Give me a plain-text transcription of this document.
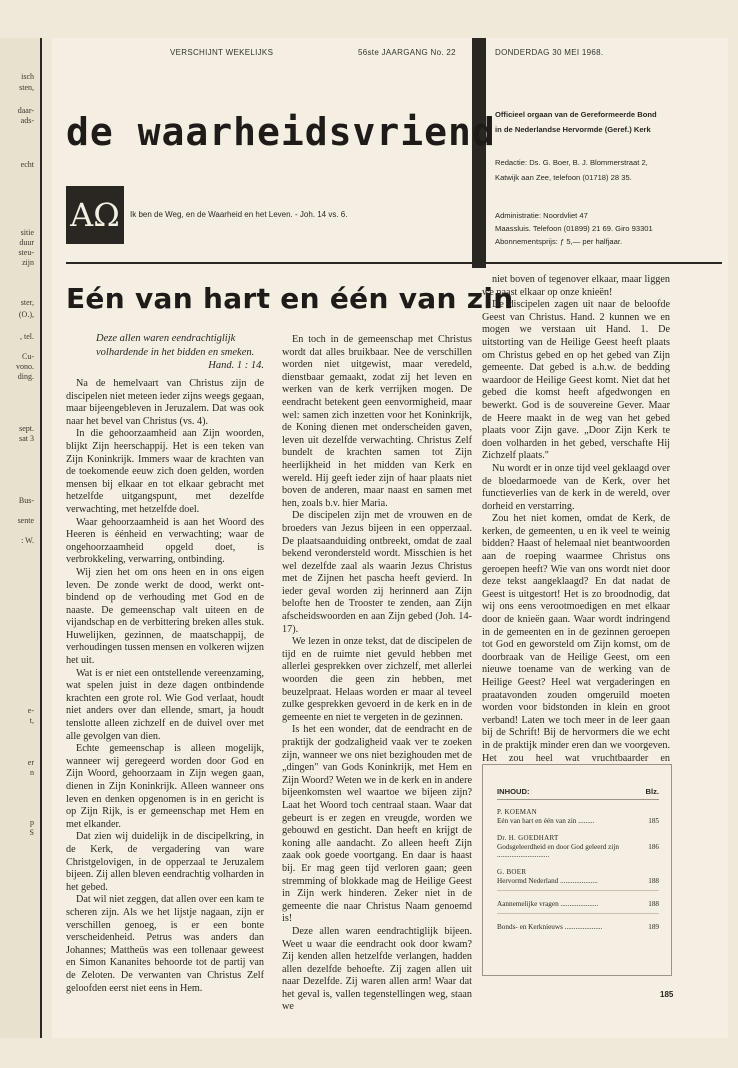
isch
sten,
daar-
ads-
echt
sitie
duur
steu-
zijn
ster,
(O.),
, tel.
Cu-
vono.
ding.
sept.
sat 3
Bus-
sente
: W.
e-
t,
er
n
p
S
VERSCHIJNT WEKELIJKS	56ste JAARGANG No. 22	DONDERDAG 30 MEI 1968.
de waarheidsvriend
AΩ	Ik ben de Weg, en de Waarheid en het Leven. - Joh. 14 vs. 6.
Officieel orgaan van de Gereformeerde Bond
in de Nederlandse Hervormde (Geref.) Kerk
Redactie: Ds. G. Boer, B. J. Blommerstraat 2,
Katwijk aan Zee, telefoon (01718) 28 35.
Administratie: Noordvliet 47
Maassluis. Telefoon (01899) 21 69. Giro 93301
Abonnementsprijs: ƒ 5,— per halfjaar.
Eén van hart en één van zin
Deze allen waren eendrachtiglijk volhardende in het bidden en smeken.
Hand. 1 : 14.

Na de hemelvaart van Christus zijn de discipelen niet meteen ieder zijns weegs gegaan, maar bijeengebleven in Jeruzalem. Dat was ook naar het bevel van Christus (vs. 4).

In die gehoorzaamheid aan Zijn woorden, blijkt Zijn heerschappij. Het is een teken van Zijn Koninkrijk. Immers waar de krachten van de toekomende eeuw zich doen gelden, worden mensen bij elkaar en tot elkaar gebracht met hetzelfde uitgangspunt, met dezelfde verwachting, met hetzelfde doel.

Waar gehoorzaamheid is aan het Woord des Heeren is éénheid en verwachting; waar de ongehoorzaamheid opgeld doet, is verbrokkeling, verwarring, ontbinding.

Wij zien het om ons heen en in ons eigen leven. De zonde werkt de dood, werkt ont-bindend op de verhouding met God en de naaste. De gemeenschap valt uiteen en de vijandschap en de verbittering breken alles stuk. Huwelijken, gezinnen, de maatschappij, de verhoudingen tussen mensen en volkeren wijzen het uit.

Wat is er niet een ontstellende vereenzaming, wat spelen juist in deze dagen ontbindende krachten een grote rol. Wie God verlaat, houdt niet anders over dan ellende, smart, ja houdt tenslotte alleen zichzelf en de duivel over met alle gevolgen van dien.

Echte gemeenschap is alleen mogelijk, wanneer wij geregeerd worden door God en Zijn Woord, gehoorzaam in Zijn wegen gaan, dienen in Zijn Koninkrijk. Alleen wanneer ons leven en denken opgenomen is in en gericht is op Zijn Rijk, is er gemeenschap met Hem en met elkander.

Dat zien wij duidelijk in de discipelkring, in de Kerk, de vergadering van ware Christgelovigen, in de opperzaal te Jeruzalem bijeen. Zij allen bleven eendrachtig volharden in het gebed.

Dat wil niet zeggen, dat allen over een kam te scheren zijn. Als we het lijstje nagaan, zijn er verschillen genoeg, is er een bonte verscheidenheid. Petrus was anders dan Johannes; Mattheüs was een tollenaar geweest en Simon Kananites behoorde tot de partij van de Zeloten. De verwanten van Christus Zelf geloofden eerst niet eens in Hem.

En toch in de gemeenschap met Christus wordt dat alles bruikbaar. Nee de verschillen worden niet uitgewist, maar veredeld, dienstbaar gemaakt, zodat zij het leven en werken van de kerk verrijken mogen. De eendracht betekent geen eenvormigheid, maar wel: samen zich inzetten voor het Koninkrijk, de Koning dienen met onderscheiden gaven, leven uit dezelfde verwachting. Christus Zelf bundelt de krachten samen tot Zijn heerlijkheid in het midden van Kerk en wereld. Hij geeft ieder zijn of haar plaats niet boven de anderen, maar naast en samen met hen, zoals b.v. hier Maria.

De discipelen zijn met de vrouwen en de broeders van Jezus bijeen in een opperzaal. De plaatsaanduiding ontbreekt, omdat de zaal bekend verondersteld wordt. Misschien is het wel dezelfde zaal als waarin Jezus Christus met de Zijnen het pascha heeft gevierd. In ieder geval worden zij herinnerd aan Zijn belofte hen de Trooster te zenden, aan Zijn afscheidswoorden en aan Zijn gebed (Joh. 14-17).

We lezen in onze tekst, dat de discipelen de tijd en de ruimte niet gevuld hebben met allerlei gesprekken over zichzelf, met allerlei woorden die geen zin hebben, met beuzelpraat. Helaas worden er maar al teveel zulke gesprekken gevoerd in de kerk en in de gemeente en niet te vergeten in de gezinnen.

Is het een wonder, dat de eendracht en de praktijk der godzaligheid vaak ver te zoeken zijn, wanneer we ons niet bezighouden met de „dingen" van Gods Koninkrijk, met Hem en Zijn Woord? Weten we in de kerk en in andere bijeenkomsten wel waartoe we bijeen zijn? Laat het Woord toch centraal staan. Waar dat gebeurt is er zegen en vreugde, worden we gebouwd en gesticht. Dan heeft en krijgt de koning alle aandacht. Zo alleen heeft Zijn zaak ook goede voortgang. En daar is haast bij. Er mag geen tijd verloren gaan; geen stremming of blokkade mag de Heilige Geest in Zijn werk hinderen. Zeker niet in de gemeente die naar Christus Naam genoemd is!

Deze allen waren eendrachtiglijk bijeen. Weet u waar die eendracht ook door kwam? Zij kenden allen hetzelfde verlangen, hadden allen dezelfde behoefte. Zij zagen allen uit naar Dezelfde. Zij waren allen arm! Waar dat het geval is, vallen tegenstellingen weg, staan we

niet boven of tegenover elkaar, maar liggen we naast elkaar op onze knieën!

De discipelen zagen uit naar de beloofde Geest van Christus. Hand. 2 kunnen we en mogen we verstaan uit Hand. 1. De uitstorting van de Heilige Geest heeft plaats om Christus gebed en op het gebed van Zijn gemeente. Dat gebed is a.h.w. de bedding waardoor de Heilige Geest komt. Niet dat het gebed die komst heeft afgedwongen en bewerkt. God is de souvereine Gever. Maar de Heere maakt in de weg van het gebed plaats voor Zijn gave. „Door Zijn Kerk te doen volharden in het gebed, verschafte Hij Zichzelf plaats."

Nu wordt er in onze tijd veel geklaagd over de bloedarmoede van de Kerk, over het functieverlies van de kerk in de wereld, over dorheid en verstarring.

Zou het niet komen, omdat de Kerk, de kerken, de gemeenten, u en ik veel te weinig bidden? Haast of helemaal niet beantwoorden aan de roeping waarmee Christus ons geroepen heeft? Wie van ons wordt niet door deze tekst aangeklaagd? En dat nadat de Geest is uitgestort! Het is zo broodnodig, dat wij ons eens verootmoedigen en met elkaar door de knieën gaan. Waar wordt indringend in de gemeenten en in de gezinnen geroepen tot God en geworsteld om Zijn komst, om de doorbraak van de Heilige Geest, om een nieuwe toename van de werking van de Heilige Geest? Heel wat vergaderingen en praatavonden zouden omgeruild moeten worden voor bidstonden in klein en groot verband! Laten we toch meer in de leer gaan bij de Schrift! Bij de hervormers die we echt in de praktijk minder eren dan we voorgeven. Het zou heel wat vruchtbaarder en

INHOUD:	Blz.
P. KOEMAN
Eén van hart en één van zin .........	185
Dr. H. GOEDHART
Godsgeleerdheid en door God geleerd zijn .............................
186
G. BOER
Hervormd Nederland .....................	188
Aannemelijke vragen .....................	188
Bonds- en Kerknieuws .....................	189
185
